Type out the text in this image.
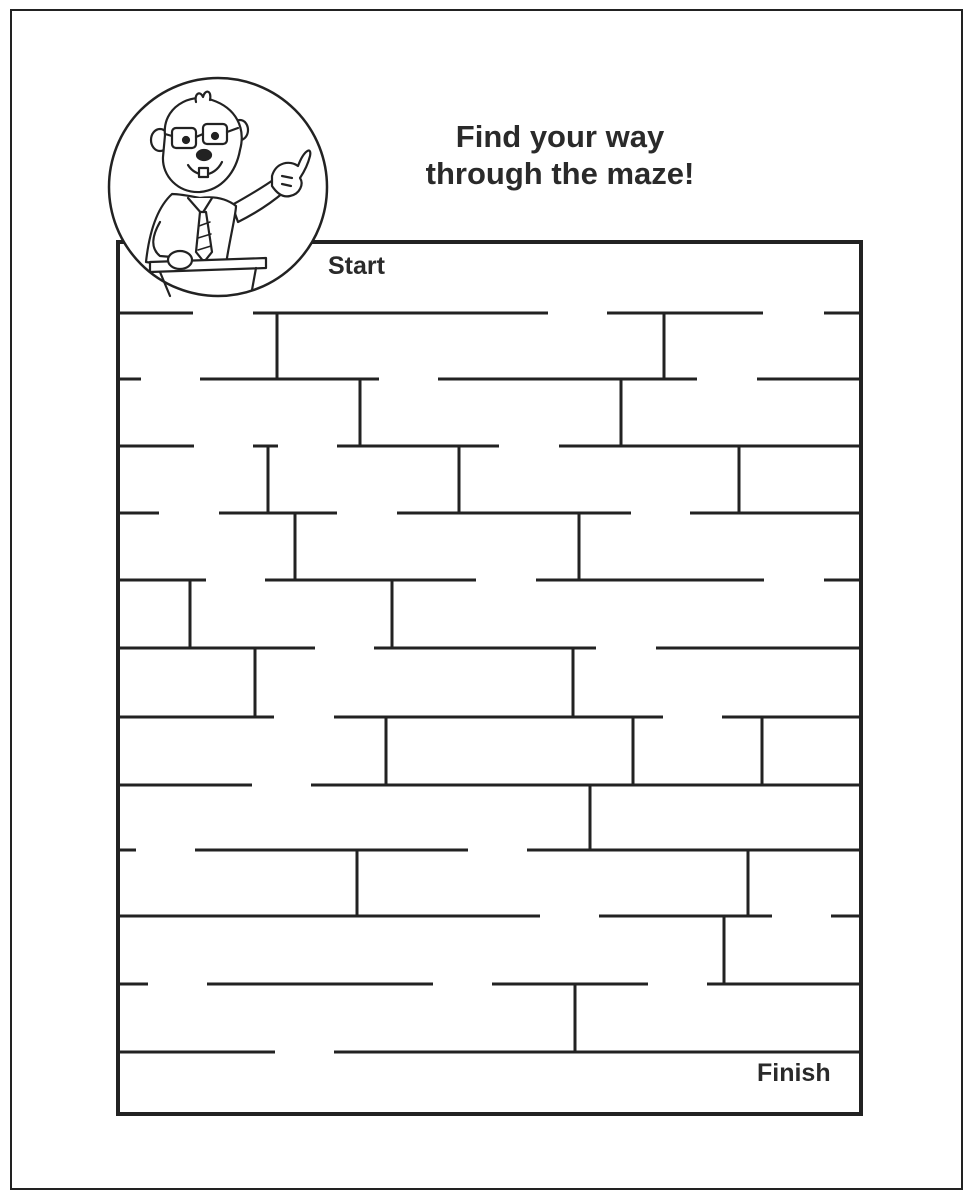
Find your way
through the maze!
Start
Finish
